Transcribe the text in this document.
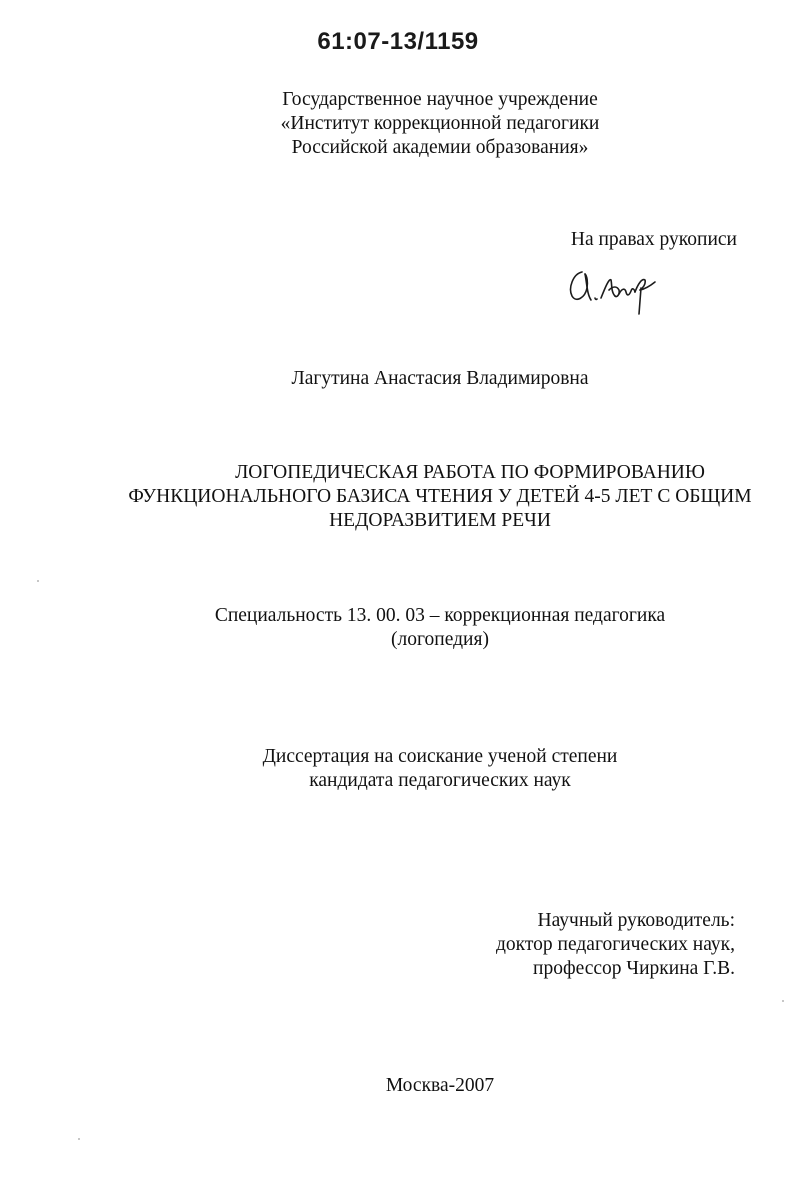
61:07-13/1159
Государственное научное учреждение
«Институт коррекционной педагогики
Российской академии образования»
На правах рукописи
Лагутина Анастасия Владимировна
ЛОГОПЕДИЧЕСКАЯ РАБОТА ПО ФОРМИРОВАНИЮ
ФУНКЦИОНАЛЬНОГО БАЗИСА ЧТЕНИЯ У ДЕТЕЙ 4-5 ЛЕТ С ОБЩИМ
НЕДОРАЗВИТИЕМ РЕЧИ
Специальность 13. 00. 03 – коррекционная педагогика
(логопедия)
Диссертация на соискание ученой степени
кандидата педагогических наук
Научный руководитель:
доктор педагогических наук,
профессор Чиркина Г.В.
Москва-2007
